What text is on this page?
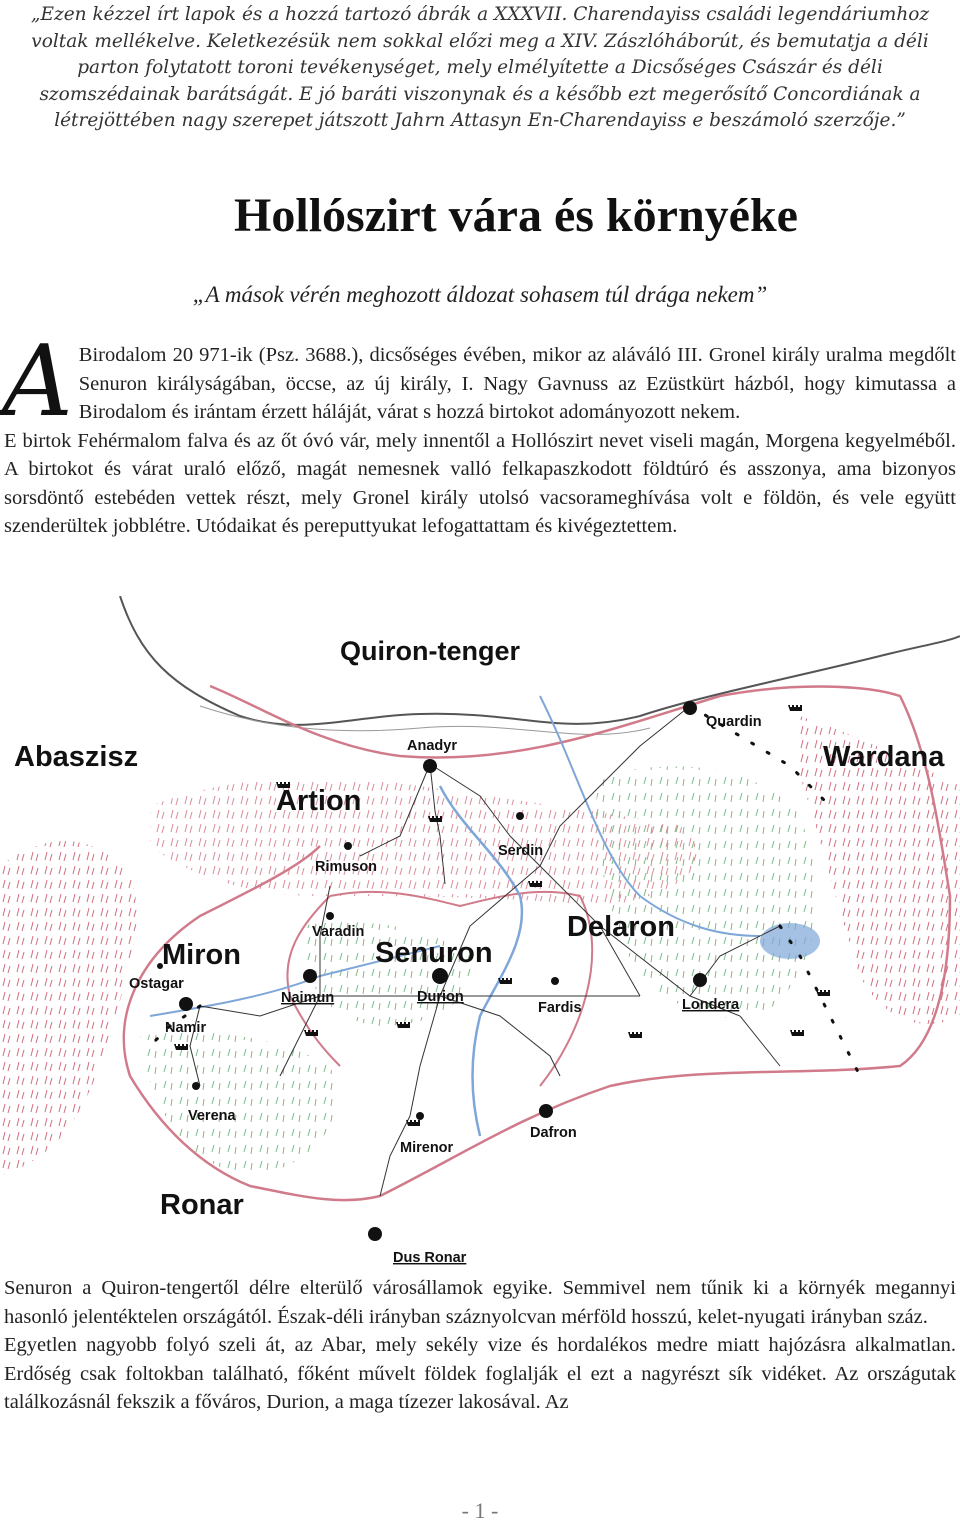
„Ezen kézzel írt lapok és a hozzá tartozó ábrák a XXXVII. Charendayiss családi legendáriumhoz voltak mellékelve. Keletkezésük nem sokkal előzi meg a XIV. Zászlóháborút, és bemutatja a déli parton folytatott toroni tevékenységet, mely elmélyítette a Dicsőséges Császár és déli szomszédainak barátságát. E jó baráti viszonynak és a később ezt megerősítő Concordiának a létrejöttében nagy szerepet játszott Jahrn Attasyn En-Charendayiss e beszámoló szerzője.”
Hollószirt vára és környéke
„A mások vérén meghozott áldozat sohasem túl drága nekem”

A Birodalom 20 971-ik (Psz. 3688.), dicsőséges évében, mikor az aláváló III. Gronel király uralma megdőlt Senuron királyságában, öccse, az új király, I. Nagy Gavnuss az Ezüstkürt házból, hogy kimutassa a Birodalom és irántam érzett háláját, várat s hozzá birtokot adományozott nekem.

E birtok Fehérmalom falva és az őt óvó vár, mely innentől a Hollószirt nevet viseli magán, Morgena kegyelméből. A birtokot és várat uraló előző, magát nemesnek valló felkapaszkodott földtúró és asszonya, ama bizonyos sorsdöntő estebéden vettek részt, mely Gronel király utolsó vacsorameghívása volt e földön, és vele együtt szenderültek jobblétre. Utódaikat és pereputtyukat lefogattattam és kivégeztettem.

Quiron-tenger
Abaszisz	Wardana
Artion
Miron	Senuron
Delaron
Ronar
Anadyr
Quardin
Rimuson
Serdin
Varadin
Ostagar
Naimun	Durion
Fardis	Londera
Namir
Verena
Mirenor
Dafron
Dus Ronar

Senuron a Quiron-tengertől délre elterülő városállamok egyike. Semmivel nem tűnik ki a környék megannyi hasonló jelentéktelen országától. Észak-déli irányban száznyolcvan mérföld hosszú, kelet-nyugati irányban száz.

Egyetlen nagyobb folyó szeli át, az Abar, mely sekély vize és hordalékos medre miatt hajózásra alkalmatlan. Erdőség csak foltokban található, főként művelt földek foglalják el ezt a nagyrészt sík vidéket. Az országutak találkozásnál fekszik a főváros, Durion, a maga tízezer lakosával. Az

- 1 -
